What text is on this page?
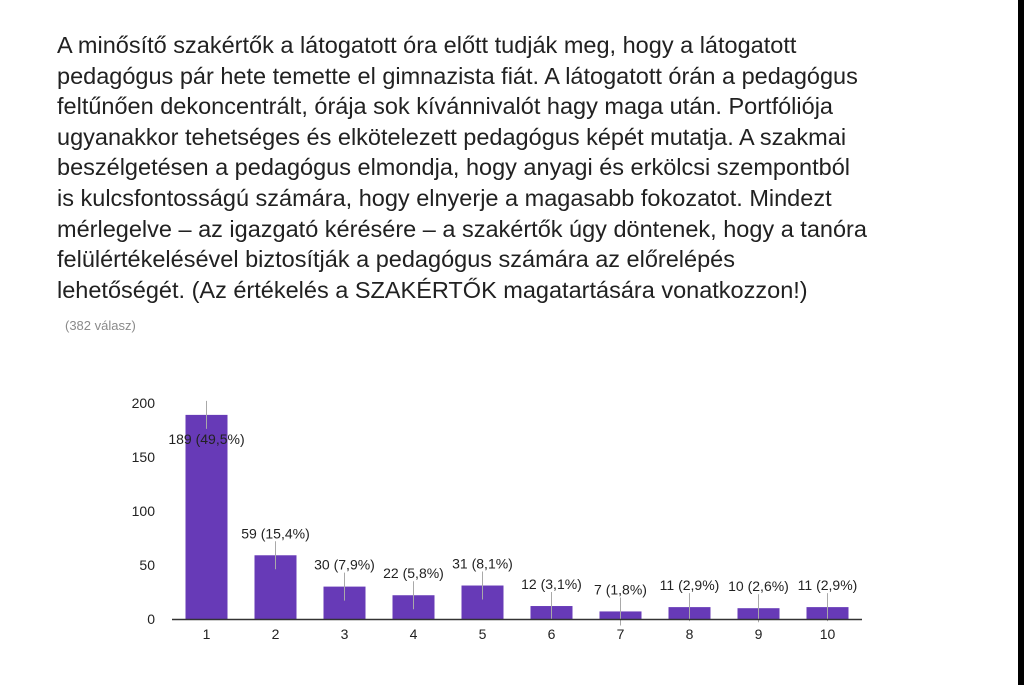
A minősítő szakértők a látogatott óra előtt tudják meg, hogy a látogatott
pedagógus pár hete temette el gimnazista fiát. A látogatott órán a pedagógus
feltűnően dekoncentrált, órája sok kívánnivalót hagy maga után. Portfóliója
ugyanakkor tehetséges és elkötelezett pedagógus képét mutatja. A szakmai
beszélgetésen a pedagógus elmondja, hogy anyagi és erkölcsi szempontból
is kulcsfontosságú számára, hogy elnyerje a magasabb fokozatot. Mindezt
mérlegelve – az igazgató kérésére – a szakértők úgy döntenek, hogy a tanóra
felülértékelésével biztosítják a pedagógus számára az előrelépés
lehetőségét. (Az értékelés a SZAKÉRTŐK magatartására vonatkozzon!)

(382 válasz)
0
50
100
150
200
1	2	3	4	5	6	7	8	9	10
189 (49,5%)
59 (15,4%)
30 (7,9%)
22 (5,8%)
31 (8,1%)
12 (3,1%) 7 (1,8%) 11 (2,9%) 10 (2,6%) 11 (2,9%)
